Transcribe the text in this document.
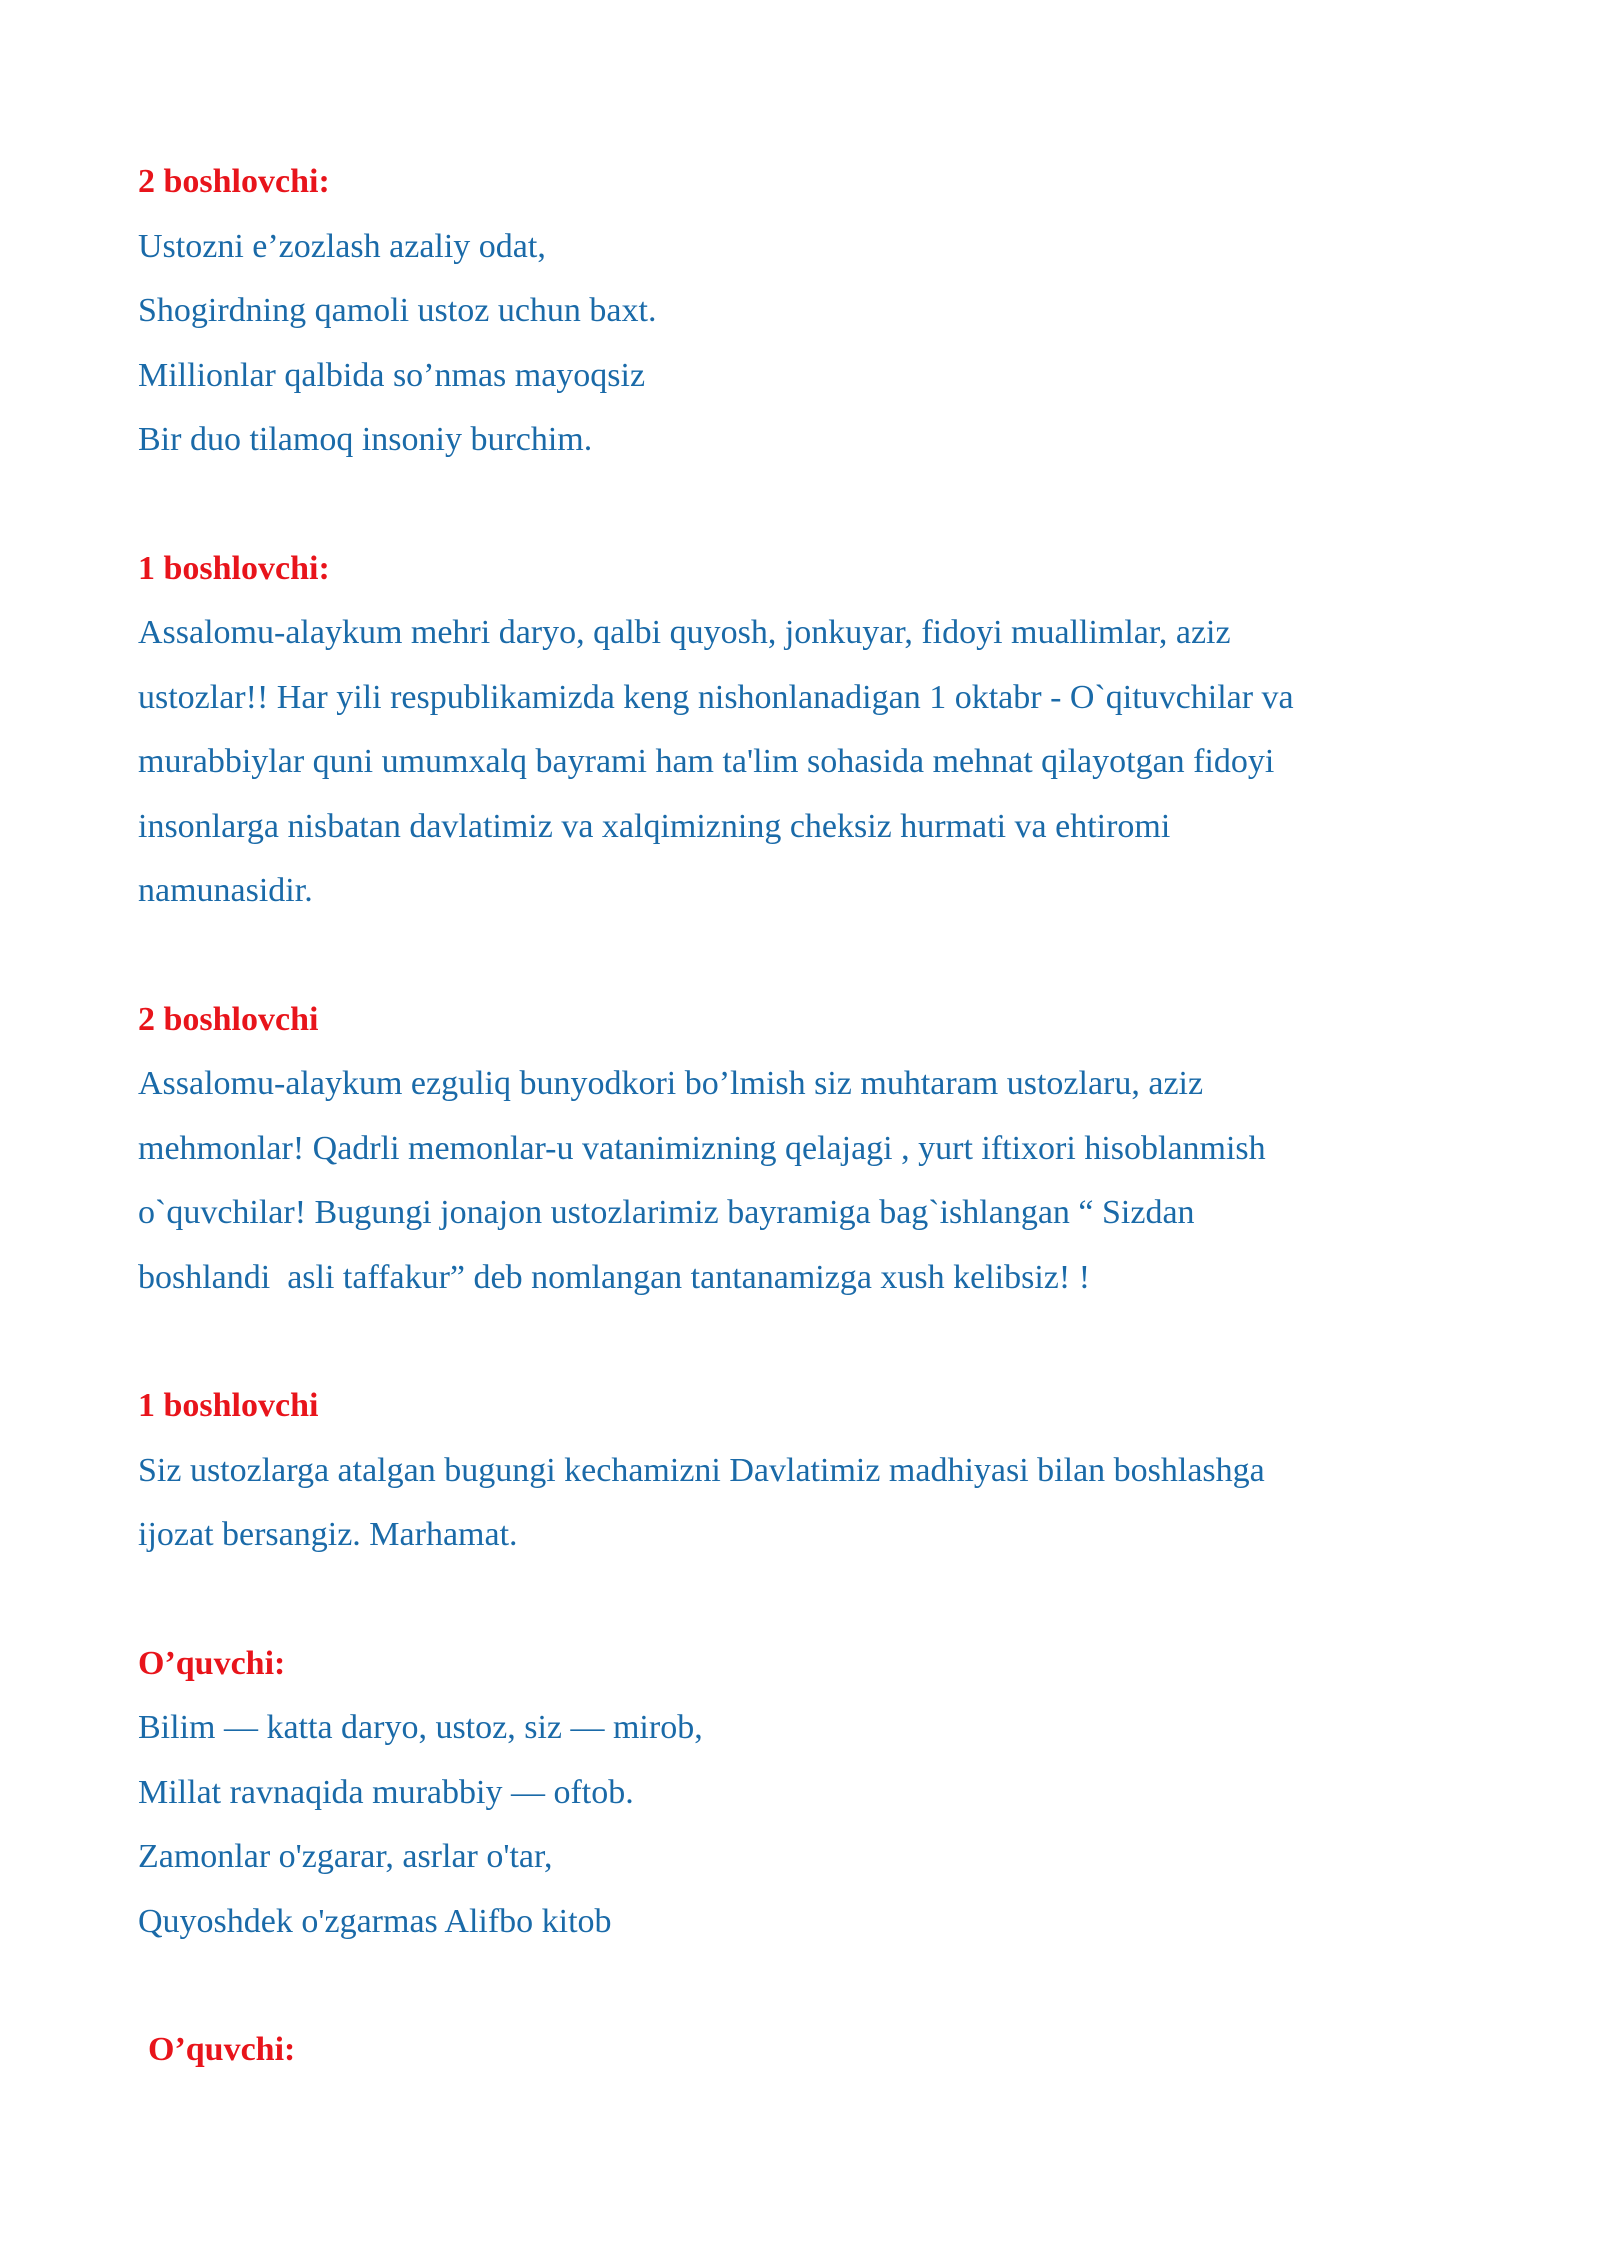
2 boshlovchi:
Ustozni e’zozlash azaliy odat,
Shogirdning qamoli ustoz uchun baxt.
Millionlar qalbida so’nmas mayoqsiz
Bir duo tilamoq insoniy burchim.
1 boshlovchi:
Assalomu-alaykum mehri daryo, qalbi quyosh, jonkuyar, fidoyi muallimlar, aziz
ustozlar!! Har yili respublikamizda keng nishonlanadigan 1 oktabr - O`qituvchilar va
murabbiylar quni umumxalq bayrami ham ta'lim sohasida mehnat qilayotgan fidoyi
insonlarga nisbatan davlatimiz va xalqimizning cheksiz hurmati va ehtiromi
namunasidir.
2 boshlovchi
Assalomu-alaykum ezguliq bunyodkori bo’lmish siz muhtaram ustozlaru, aziz
mehmonlar! Qadrli memonlar-u vatanimizning qelajagi , yurt iftixori hisoblanmish
o`quvchilar! Bugungi jonajon ustozlarimiz bayramiga bag`ishlangan “ Sizdan
boshlandi  asli taffakur” deb nomlangan tantanamizga xush kelibsiz! !
1 boshlovchi
Siz ustozlarga atalgan bugungi kechamizni Davlatimiz madhiyasi bilan boshlashga
ijozat bersangiz. Marhamat.
O’quvchi:
Bilim — katta daryo, ustoz, siz — mirob,
Millat ravnaqida murabbiy — oftob.
Zamonlar o'zgarar, asrlar o'tar,
Quyoshdek o'zgarmas Alifbo kitob
O’quvchi:
